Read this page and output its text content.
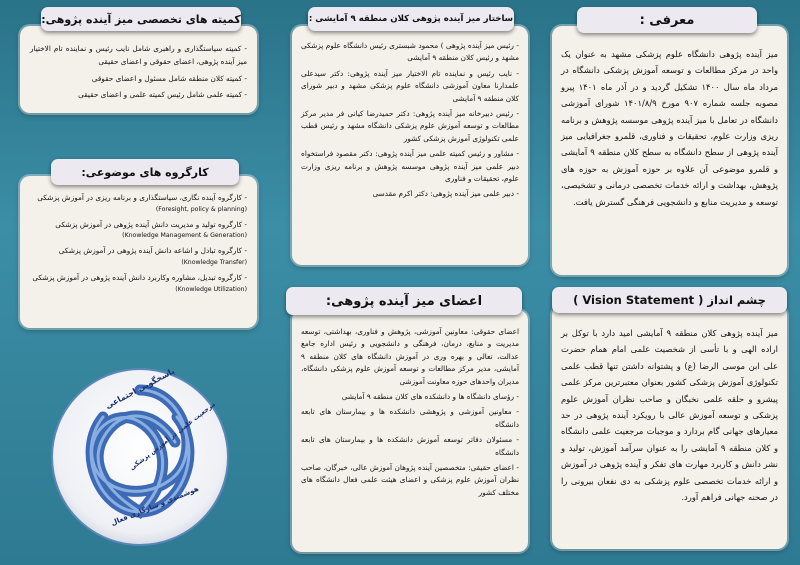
میز آینده پژوهی دانشگاه علوم پزشکی مشهد به عنوان یک واحد در مرکز مطالعات و توسعه آموزش پزشکی دانشگاه در مرداد ماه سال ۱۴۰۰ تشکیل گردید و در آذر ماه ۱۴۰۱ پیرو مصوبه جلسه شماره ۹۰۷ مورخ ۱۴۰۱/۸/۹ شورای آموزشی دانشگاه در تعامل با میز آینده پژوهی موسسه پژوهش و برنامه ریزی وزارت علوم، تحقیقات و فناوری، قلمرو جغرافیایی میز آینده پژوهی از سطح دانشگاه به سطح کلان منطقه ۹ آمایشی و قلمرو موضوعی آن علاوه بر حوزه آموزش به حوزه های پژوهش، بهداشت و ارائه خدمات تخصصی درمانی و تشخیصی، توسعه و مدیریت منابع و دانشجویی فرهنگی گسترش یافت.
معرفی :
میز آینده پژوهی کلان منطقه ۹ آمایشی امید دارد با توکل بر اراده الهی و با تأسی از شخصیت علمی امام همام حضرت علی ابن موسی الرضا (ع) و پشتوانه داشتن تنها قطب علمی تکنولوژی آموزش پزشکی کشور بعنوان معتبرترین مرکز علمی پیشرو و حلقه علمی نخبگان و صاحب نظران آموزش علوم پزشکی و توسعه آموزش عالی با رویکرد آینده پژوهی در حد معیارهای جهانی گام بردارد و موجبات مرجعیت علمی دانشگاه و کلان منطقه ۹ آمایشی را به عنوان سرآمد آموزش، تولید و نشر دانش و کاربرد مهارت های تفکر و آینده پژوهی در آموزش و ارائه خدمات تخصصی علوم پزشکی به دی نفعان بیرونی را در صحنه جهانی فراهم آورد.
چشم انداز ( Vision Statement )

- رئیس میز آینده پژوهی ) محمود شبستری رئیس دانشگاه علوم پزشکی مشهد و رئیس کلان منطقه ۹ آمایشی

- نایب رئیس و نماینده تام الاختیار میز آینده پژوهی: دکتر سیدعلی علمدارنا معاون آموزشی دانشگاه علوم پزشکی مشهد و دبیر شورای کلان منطقه ۹ آمایشی

- رئیس دبیرخانه میز آینده پژوهی: دکتر حمیدرضا کیانی فر مدیر مرکز مطالعات و توسعه آموزش علوم پزشکی دانشگاه مشهد و رئیس قطب علمی تکنولوژی آموزش پزشکی کشور

- مشاور و رئیس کمیته علمی میز آینده پژوهی: دکتر مقصود فراستخواه دبیر علمی میز آینده پژوهی موسسه پژوهش و برنامه ریزی وزارت علوم، تحقیقات و فناوری

- دبیر علمی میز آینده پژوهی: دکتر اکرم مقدسی

ساختار میز آینده پژوهی کلان منطقه ۹ آمایشی :

اعضای حقوقی: معاونین آموزشی، پژوهش و فناوری، بهداشتی، توسعه مدیریت و منابع، درمان، فرهنگی و دانشجویی و رئیس اداره جامع عدالت، تعالی و بهره وری در آموزش دانشگاه های کلان منطقه ۹ آمایشی، مدیر مرکز مطالعات و توسعه آموزش علوم پزشکی دانشگاه، مدیران واحدهای حوزه معاونت آموزشی

- رؤسای دانشگاه ها و دانشکده های کلان منطقه ۹ آمایشی

- معاونین آموزشی و پژوهشی دانشکده ها و بیمارستان های تابعه دانشگاه

- مسئولان دفاتر توسعه آموزش دانشکده ها و بیمارستان های تابعه دانشگاه

- اعضای حقیقی: متخصصین آینده پژوهان آموزش عالی، خبرگان، صاحب نظران آموزش علوم پزشکی و اعضای هیئت علمی فعال دانشگاه های مختلف کشور

اعضای میز آینده پژوهی:

- کمیته سیاستگذاری و راهبری شامل نایب رئیس و نماینده تام الاختیار میز آینده پژوهی، اعضای حقوقی و اعضای حقیقی

- کمیته کلان منطقه شامل مسئول و اعضای حقوقی

- کمیته علمی شامل رئیس کمیته علمی و اعضای حقیقی

کمیته های تخصصی میز آینده پژوهی:
- کارگروه آینده نگاری، سیاستگذاری و برنامه ریزی در آموزش پزشکی
(Foresight, policy & planning)
- کارگروه تولید و مدیریت دانش آینده پژوهی در آموزش پزشکی
(Knowledge Management & Generation)
- کارگروه تبادل و اشاعه دانش آینده پژوهی در آموزش پزشکی
(Knowledge Transfer)
- کارگروه تبدیل، مشاوره وکاربرد دانش آینده پژوهی در آموزش پزشکی
(Knowledge Utilization)
کارگروه های موضوعی:
پاسخگویی اجتماعی
مرجعیت علمی در آموزش پزشکی
هوشمندی و سازگاری فعال
